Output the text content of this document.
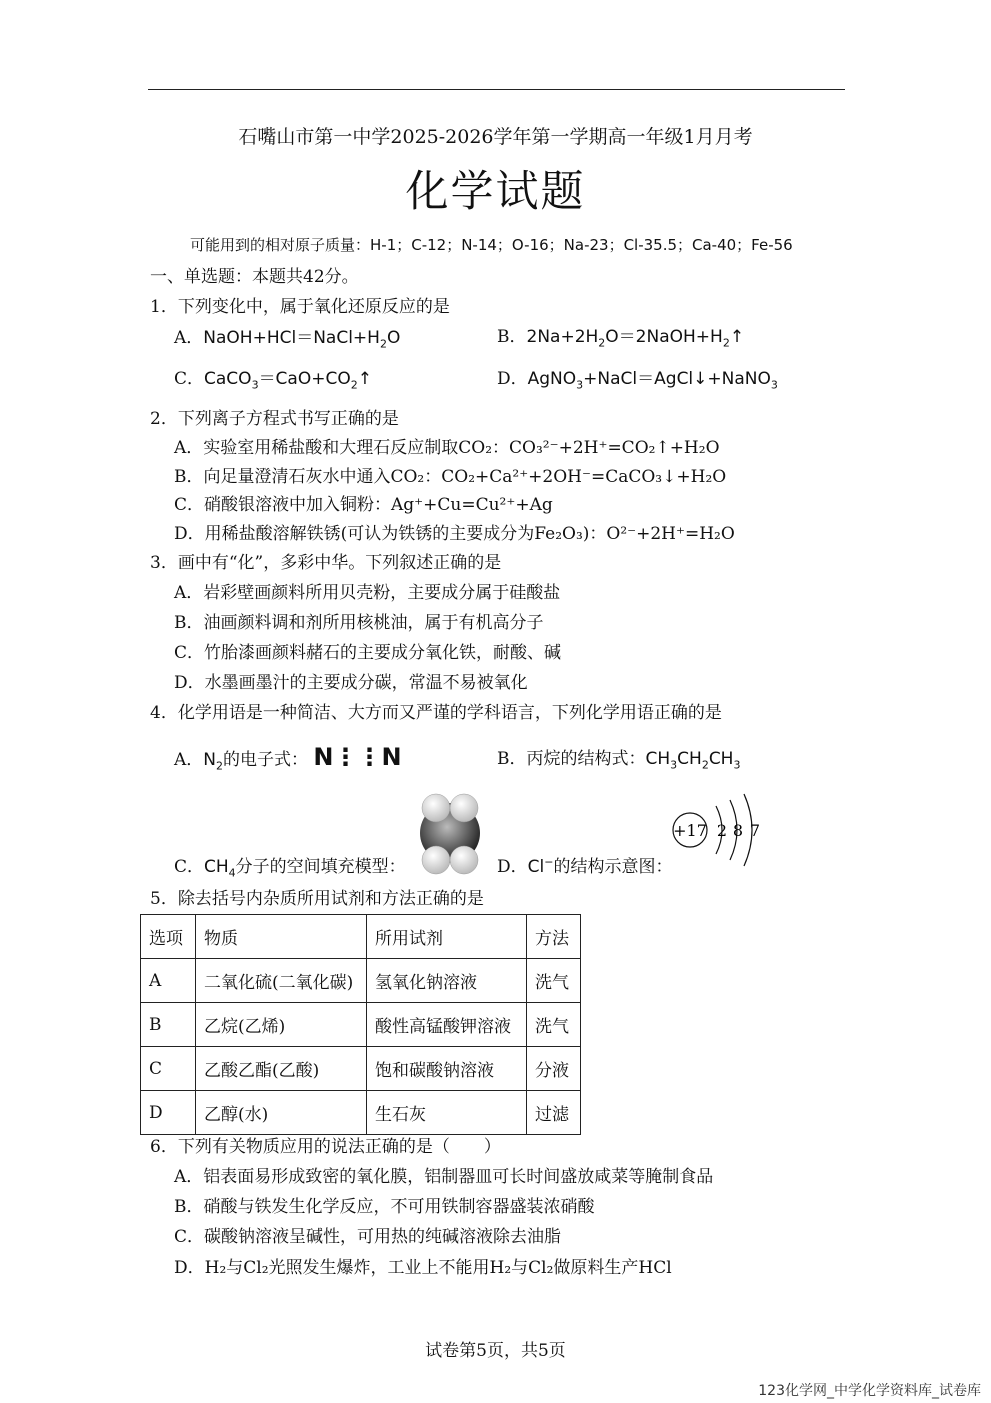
石嘴山市第一中学2025-2026学年第一学期高一年级1月月考
化学试题
可能用到的相对原子质量：H-1；C-12；N-14；O-16；Na-23；Cl-35.5；Ca-40；Fe-56
一、单选题：本题共42分。
1．下列变化中，属于氧化还原反应的是
A．$NaOH+HCl=NaCl+H_2O$	B．$2Na+2H_2O=2NaOH+H_2↑$
C．$CaCO_3=CaO+CO_2↑$	D．AgNO$_3$+NaCl＝AgCl↓+NaNO$_3$
2．下列离子方程式书写正确的是
A．实验室用稀盐酸和大理石反应制取CO₂：CO₃²⁻+2H⁺=CO₂↑+H₂O
B．向足量澄清石灰水中通入CO₂：CO₂+Ca²⁺+2OH⁻=CaCO₃↓+H₂O
C．硝酸银溶液中加入铜粉：Ag⁺+Cu=Cu²⁺+Ag
D．用稀盐酸溶解铁锈(可认为铁锈的主要成分为Fe₂O₃)：O²⁻+2H⁺=H₂O
3．画中有“化”，多彩中华。下列叙述正确的是
A．岩彩壁画颜料所用贝壳粉，主要成分属于硅酸盐
B．油画颜料调和剂所用核桃油，属于有机高分子
C．竹胎漆画颜料赭石的主要成分氧化铁，耐酸、碱
D．水墨画墨汁的主要成分碳，常温不易被氧化
4．化学用语是一种简洁、大方而又严谨的学科语言，下列化学用语正确的是
A．$N_2$的电子式： N⋮⋮N	B．丙烷的结构式：$CH_3CH_2CH_3$
C．$CH_4$分子的空间填充模型：	D．Cl−的结构示意图：
+17 2 8 7
5．除去括号内杂质所用试剂和方法正确的是
选项	物质	所用试剂	方法
A	二氧化硫(二氧化碳)	氢氧化钠溶液	洗气
B	乙烷(乙烯)	酸性高锰酸钾溶液	洗气
C	乙酸乙酯(乙酸)	饱和碳酸钠溶液	分液
D	乙醇(水)	生石灰	过滤
6．下列有关物质应用的说法正确的是（　　）
A．铝表面易形成致密的氧化膜，铝制器皿可长时间盛放咸菜等腌制食品
B．硝酸与铁发生化学反应，不可用铁制容器盛装浓硝酸
C．碳酸钠溶液呈碱性，可用热的纯碱溶液除去油脂
D．H₂与Cl₂光照发生爆炸，工业上不能用H₂与Cl₂做原料生产HCl
试卷第5页，共5页
123化学网_中学化学资料库_试卷库
